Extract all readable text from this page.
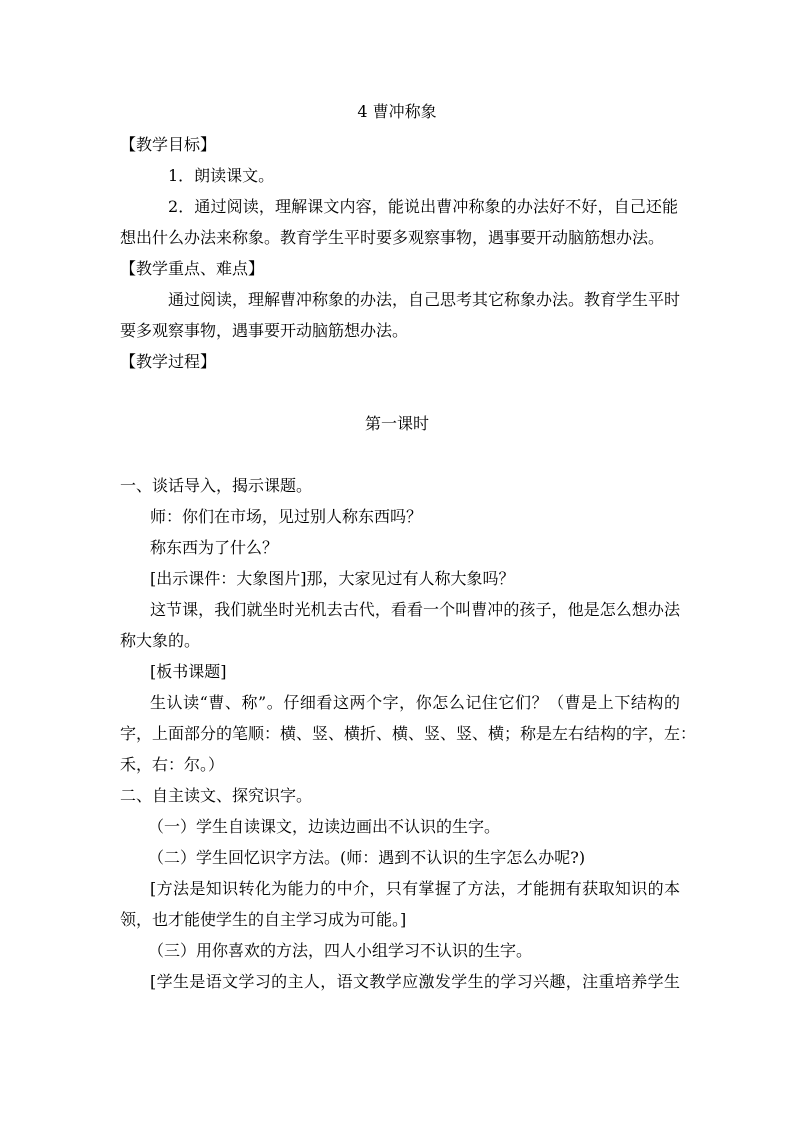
4 曹冲称象
【教学目标】
1．朗读课文。
2．通过阅读，理解课文内容，能说出曹冲称象的办法好不好，自己还能
想出什么办法来称象。教育学生平时要多观察事物，遇事要开动脑筋想办法。
【教学重点、难点】
通过阅读，理解曹冲称象的办法，自己思考其它称象办法。教育学生平时
要多观察事物，遇事要开动脑筋想办法。
【教学过程】
第一课时
一、谈话导入，揭示课题。
师：你们在市场，见过别人称东西吗？
称东西为了什么？
[出示课件：大象图片]那，大家见过有人称大象吗？
这节课，我们就坐时光机去古代，看看一个叫曹冲的孩子，他是怎么想办法
称大象的。
[板书课题]
生认读“曹、称”。仔细看这两个字，你怎么记住它们？（曹是上下结构的
字，上面部分的笔顺：横、竖、横折、横、竖、竖、横；称是左右结构的字，左：
禾，右：尔。）
二、自主读文、探究识字。
（一）学生自读课文，边读边画出不认识的生字。
（二）学生回忆识字方法。(师：遇到不认识的生字怎么办呢?)
[方法是知识转化为能力的中介，只有掌握了方法，才能拥有获取知识的本
领，也才能使学生的自主学习成为可能。]
（三）用你喜欢的方法，四人小组学习不认识的生字。
[学生是语文学习的主人，语文教学应激发学生的学习兴趣，注重培养学生
